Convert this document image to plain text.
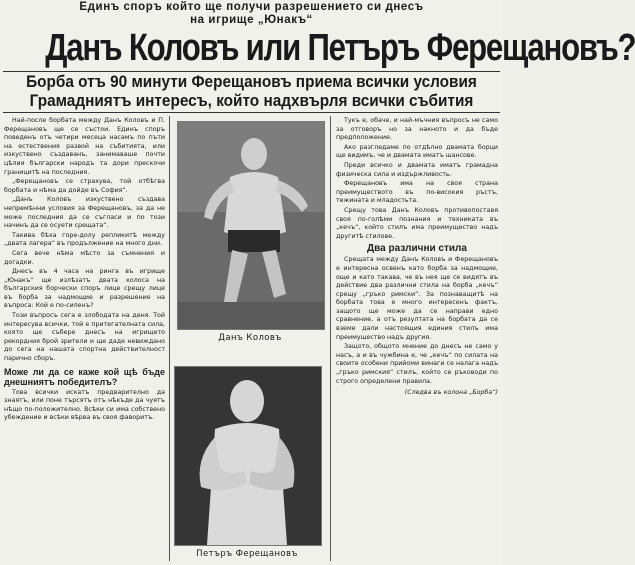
Единъ споръ който ще получи разрешението си днесъ
на игрище „Юнакъ“
Данъ Коловъ или Петъръ Ферещановъ?
Борба отъ 90 минути Ферещановъ приема всички условия
Грамадниятъ интересъ, който надхвърля всички събития

Най-после борбата между Данъ Коловъ и П. Ферещановъ ще се състои. Единъ споръ поведенъ отъ четири месеца насамъ по пъти на естествения развой на събитията, или изкуствено създаванъ, занимаваше почти цѣлия български народъ та дори прескочи границитѣ на последния.

„Ферещановъ се страхува, той отбѣгва борбата и нѣма да дойде въ София“.

„Данъ Коловъ изкуствено създава непремѣнни условия за Ферещановъ, за да не може последния да се съгласи и по този начинъ да се осуети срещата“.

Такива бѣха горе-долу репликитѣ между „двата лагера“ въ продължение на много дни.

Сега вече нѣма мѣсто за съмнения и догадки.

Днесъ въ 4 часа на ринга въ игрище „Юнакъ“ ще излѣзатъ двата колоса на българския борчески споръ лице срещу лице въ борба за надмощие и разрешение на въпроса: Кой е по-силенъ?

Този въпросъ сега е злободата на деня. Той интересува всички, той е притегателната сила, която ще събере днесъ на игрището рекордния брой зрители и ще даде невиждано до сега на нашата спортна действителност парично сборъ.

Може ли да се каже кой щѣ бъде днешниятъ победителъ?

Това всички искатъ предварително да знаятъ, или поне търсятъ отъ нѣкъде да чуятъ нѣщо по-положително. Всѣки си има собствено убеждение и всѣки вѣрва въ своя фаворитъ.

Данъ Коловъ
Петъръ Ферещановъ

Тукъ е, обаче, и най-мъчния въпросъ не само за отговоръ но за накното и да бъде предположение.

Ако разгледаме по отдѣлно двамата борци ще видимъ, че и двамата иматъ шансове.

Преди всичко и двамата иматъ грамадна физическа сила и издържливость.

Ферещановъ има на своя страна преимуществото въ по-високия ръстъ, тежината и младостьта.

Срещу това Данъ Коловъ противопоставя своя по-голѣми познания и техниката въ „кечъ“, който стилъ има преимущество надъ другитѣ стилове.

Два различни стила

Срещата между Данъ Коловъ и Ферещановъ е интересна освенъ като борба за надмощие, още и като такава, че въ нея ще се видятъ въ действие два различни стила на борба „кечъ“ срещу „гръко римски“. За познаващитѣ на борбата това е много интересенъ фактъ, защото ще може да се направи едно сравнение, а отъ резултата на борбата да се вземе дали настоящия единия стилъ има преимущество надъ другия.

Защото, общото мнение до днесъ не само у насъ, а и въ чужбина е, че „кечъ“ по силата на своите особени прийоми винаги се налага надъ „гръко римския“ стилъ, който се ръководи по строго определени правила.

(Следва въ колона „Борба“)
